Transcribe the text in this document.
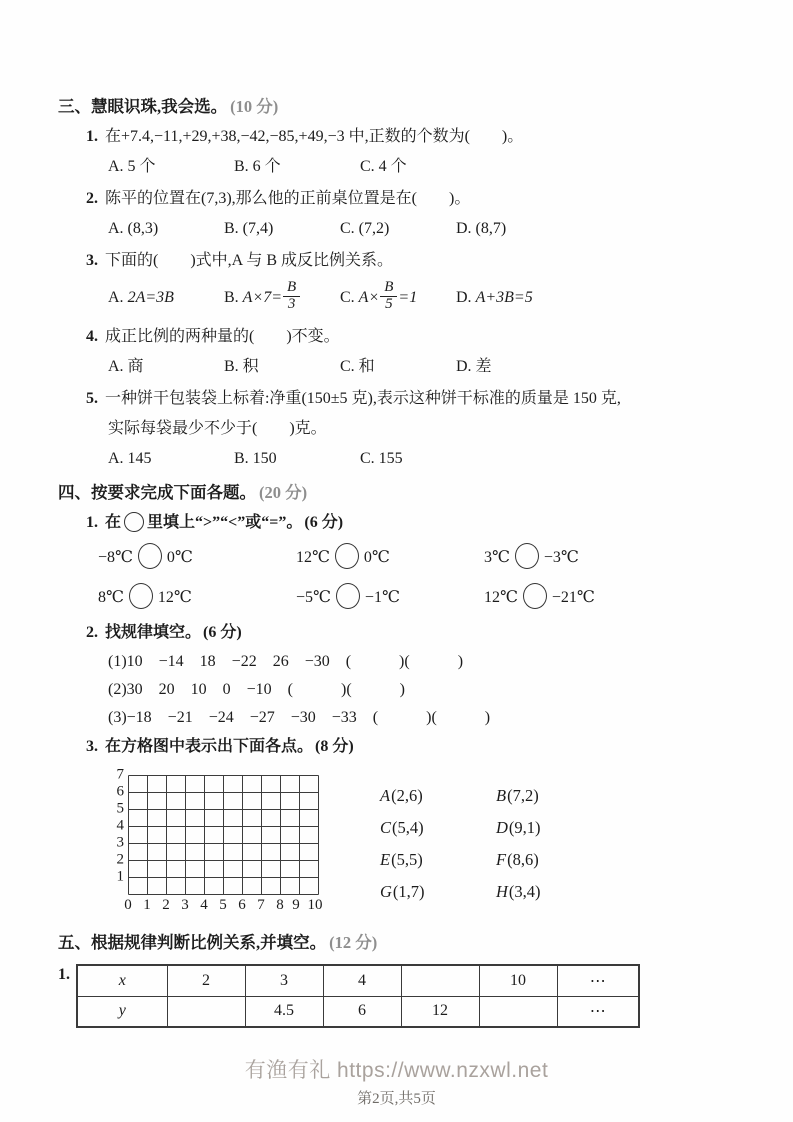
三、慧眼识珠,我会选。 (10 分)
1. 在+7.4,−11,+29,+38,−42,−85,+49,−3 中,正数的个数为(　　)。
A. 5 个	B. 6 个	C. 4 个
2. 陈平的位置在(7,3),那么他的正前桌位置是在(　　)。
A. (8,3)	B. (7,4)	C. (7,2)	D. (8,7)
3. 下面的(　　)式中,A 与 B 成反比例关系。
A. 2A=3B	B. $A\times 7= \frac{B}{3} C$. $A\times \frac{B}{5} =1$ D. A+3B=5
4. 成正比例的两种量的(　　)不变。
A. 商	B. 积	C. 和	D. 差
5. 一种饼干包装袋上标着:净重(150±5 克),表示这种饼干标准的质量是 150 克,
实际每袋最少不少于(　　)克。
A. 145	B. 150	C. 155
四、按要求完成下面各题。 (20 分)
1. 在 里填上“>”“<”或“=”。 (6 分)
−8℃ 0℃	12℃ 0℃	3℃ −3℃
8℃ 12℃	−5℃ −1℃	12℃ −21℃
2. 找规律填空。 (6 分)
(1)10　−14　18　−22　26　−30　(　　　)(　　　)
(2)30　20　10　0　−10　(　　　)(　　　)
(3)−18　−21　−24　−27　−30　−33　(　　　)(　　　)
3. 在方格图中表示出下面各点。 (8 分)
7
6
5
4
3
2
1
0 1 2 3 4 5 6 7 8 9 10
A(2,6)	B(7,2)
C(5,4)	D(9,1)
E(5,5)	F(8,6)
G(1,7)	H(3,4)
五、根据规律判断比例关系,并填空。 (12 分)
1.	x	2	3	4		10	⋯
y		4.5	6	12		⋯
有渔有礼 https://www.nzxwl.net
第2页,共5页
